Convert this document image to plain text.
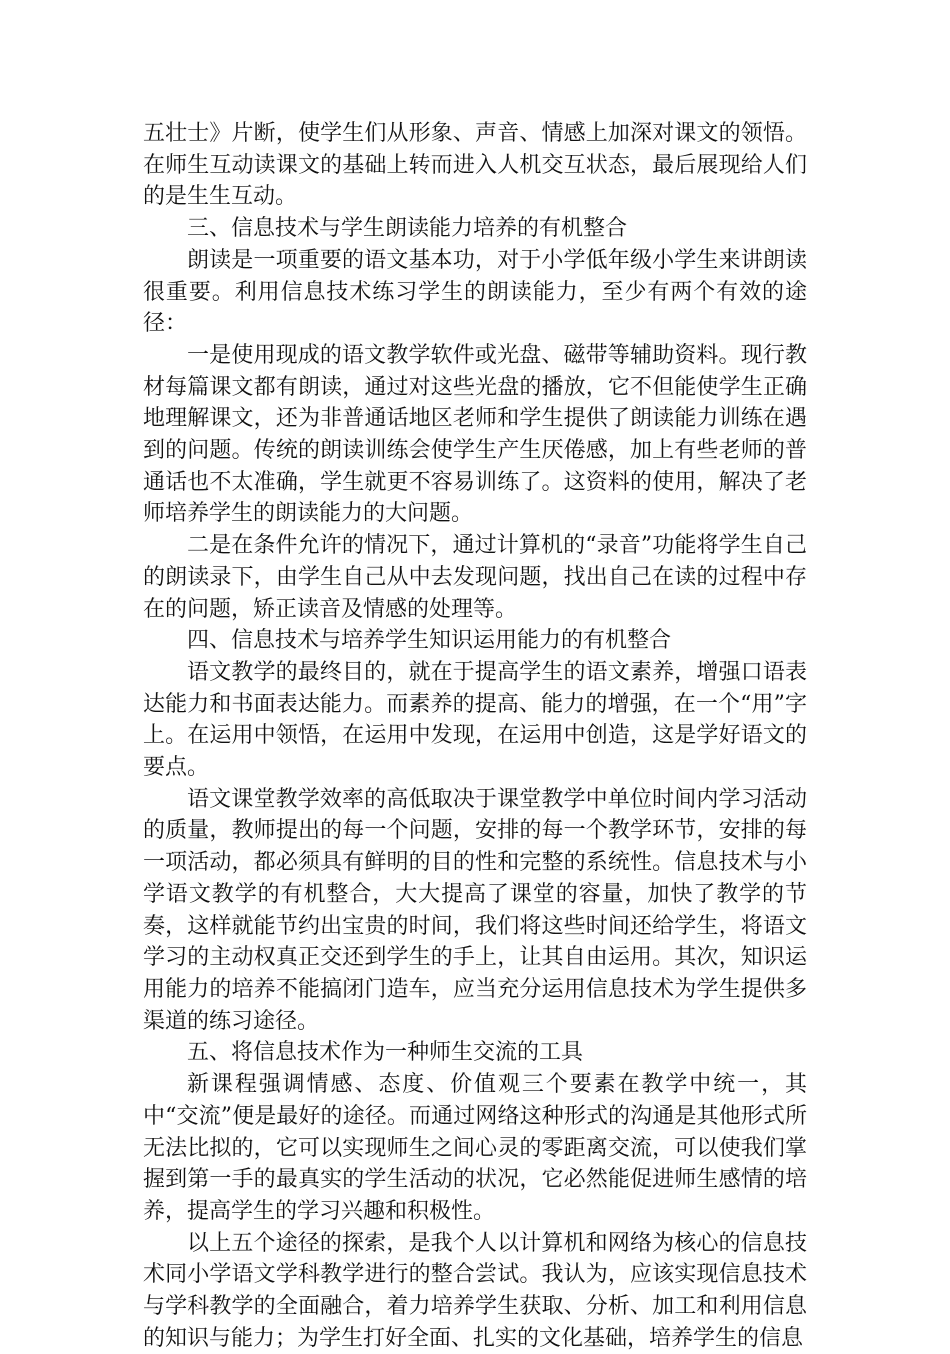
五壮士》片断，使学生们从形象、声音、情感上加深对课文的领悟。在师生互动读课文的基础上转而进入人机交互状态，最后展现给人们的是生生互动。

三、信息技术与学生朗读能力培养的有机整合

朗读是一项重要的语文基本功，对于小学低年级小学生来讲朗读很重要。利用信息技术练习学生的朗读能力，至少有两个有效的途径：

一是使用现成的语文教学软件或光盘、磁带等辅助资料。现行教材每篇课文都有朗读，通过对这些光盘的播放，它不但能使学生正确地理解课文，还为非普通话地区老师和学生提供了朗读能力训练在遇到的问题。传统的朗读训练会使学生产生厌倦感，加上有些老师的普通话也不太准确，学生就更不容易训练了。这资料的使用，解决了老师培养学生的朗读能力的大问题。

二是在条件允许的情况下，通过计算机的“录音”功能将学生自己的朗读录下，由学生自己从中去发现问题，找出自己在读的过程中存在的问题，矫正读音及情感的处理等。

四、信息技术与培养学生知识运用能力的有机整合

语文教学的最终目的，就在于提高学生的语文素养，增强口语表达能力和书面表达能力。而素养的提高、能力的增强，在一个“用”字上。在运用中领悟，在运用中发现，在运用中创造，这是学好语文的要点。

语文课堂教学效率的高低取决于课堂教学中单位时间内学习活动的质量，教师提出的每一个问题，安排的每一个教学环节，安排的每一项活动，都必须具有鲜明的目的性和完整的系统性。信息技术与小学语文教学的有机整合，大大提高了课堂的容量，加快了教学的节奏，这样就能节约出宝贵的时间，我们将这些时间还给学生，将语文学习的主动权真正交还到学生的手上，让其自由运用。其次，知识运用能力的培养不能搞闭门造车，应当充分运用信息技术为学生提供多渠道的练习途径。

五、将信息技术作为一种师生交流的工具

新课程强调情感、态度、价值观三个要素在教学中统一，其中“交流”便是最好的途径。而通过网络这种形式的沟通是其他形式所无法比拟的，它可以实现师生之间心灵的零距离交流，可以使我们掌握到第一手的最真实的学生活动的状况，它必然能促进师生感情的培养，提高学生的学习兴趣和积极性。

以上五个途径的探索，是我个人以计算机和网络为核心的信息技术同小学语文学科教学进行的整合尝试。我认为，应该实现信息技术与学科教学的全面融合，着力培养学生获取、分析、加工和利用信息的知识与能力；为学生打好全面、扎实的文化基础，培养学生的信息
